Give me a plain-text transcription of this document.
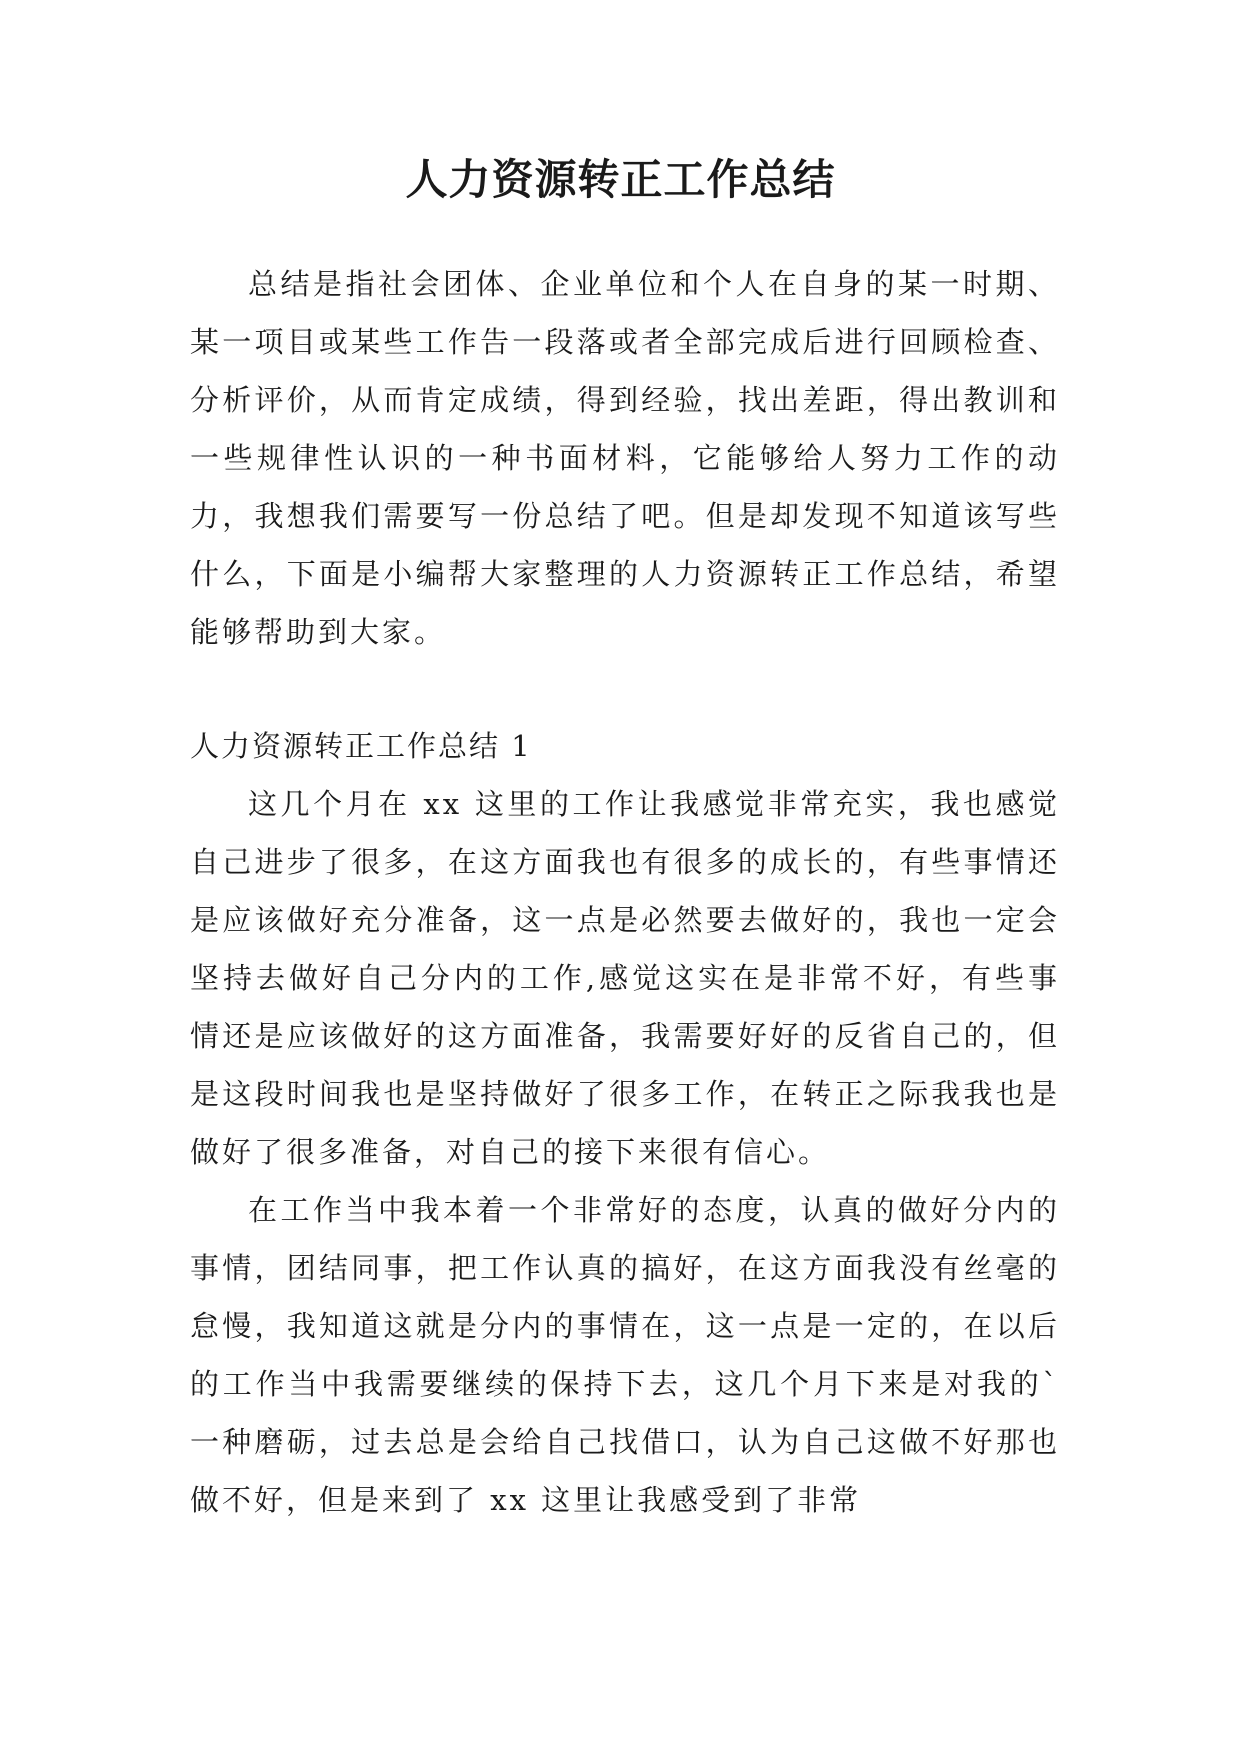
人力资源转正工作总结

总结是指社会团体、企业单位和个人在自身的某一时期、某一项目或某些工作告一段落或者全部完成后进行回顾检查、分析评价，从而肯定成绩，得到经验，找出差距，得出教训和一些规律性认识的一种书面材料，它能够给人努力工作的动力，我想我们需要写一份总结了吧。但是却发现不知道该写些什么，下面是小编帮大家整理的人力资源转正工作总结，希望能够帮助到大家。

人力资源转正工作总结 1

这几个月在 xx 这里的工作让我感觉非常充实，我也感觉自己进步了很多，在这方面我也有很多的成长的，有些事情还是应该做好充分准备，这一点是必然要去做好的，我也一定会坚持去做好自己分内的工作,感觉这实在是非常不好，有些事情还是应该做好的这方面准备，我需要好好的反省自己的，但是这段时间我也是坚持做好了很多工作，在转正之际我我也是做好了很多准备，对自己的接下来很有信心。

在工作当中我本着一个非常好的态度，认真的做好分内的事情，团结同事，把工作认真的搞好，在这方面我没有丝毫的怠慢，我知道这就是分内的事情在，这一点是一定的，在以后的工作当中我需要继续的保持下去，这几个月下来是对我的`一种磨砺，过去总是会给自己找借口，认为自己这做不好那也做不好，但是来到了 xx 这里让我感受到了非常
